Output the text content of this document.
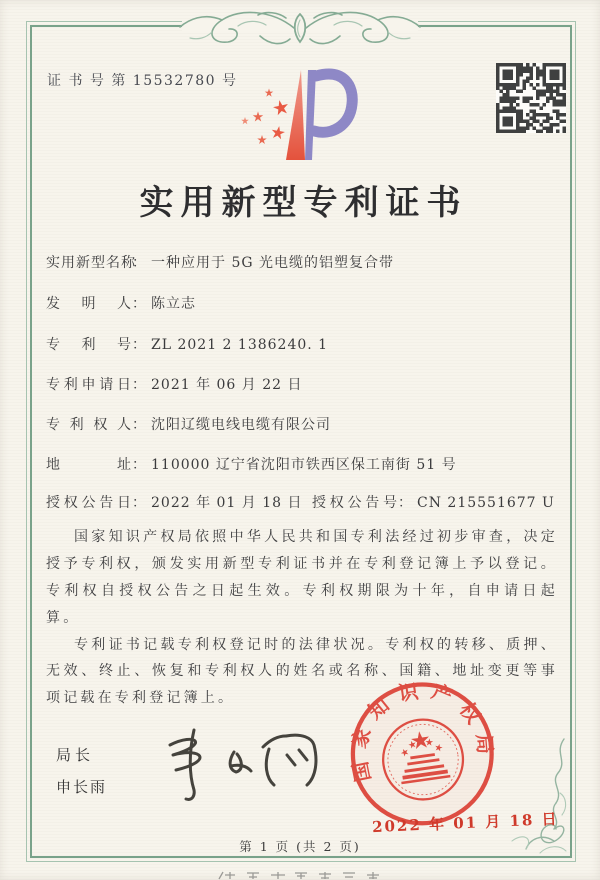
证 书 号 第 15532780 号
实用新型专利证书
实 用 新 型 名 称
： 一种应用于 5G 光电缆的铝塑复合带
发 明 人 ： 陈立志
专 利 号 ： ZL 2021 2 1386240. 1
专 利 申 请 日 ： 2021 年 06 月 22 日
专 利 权 人 ： 沈阳辽缆电线电缆有限公司
地	址 ： 110000 辽宁省沈阳市铁西区保工南街 51 号
授 权 公 告 日 ： 2022 年 01 月 18 日 授 权 公 告 号 ： CN 215551677 U

国家知识产权局依照中华人民共和国专利法经过初步审查，决定授予专利权，颁发实用新型专利证书并在专利登记簿上予以登记。专利权自授权公告之日起生效。专利权期限为十年，自申请日起算。

专利证书记载专利权登记时的法律状况。专利权的转移、质押、无效、终止、恢复和专利权人的姓名或名称、国籍、地址变更等事项记载在专利登记簿上。

局长
申长雨
国家知识产权局
2022 年 01 月 18 日
第 1 页 (共 2 页)
